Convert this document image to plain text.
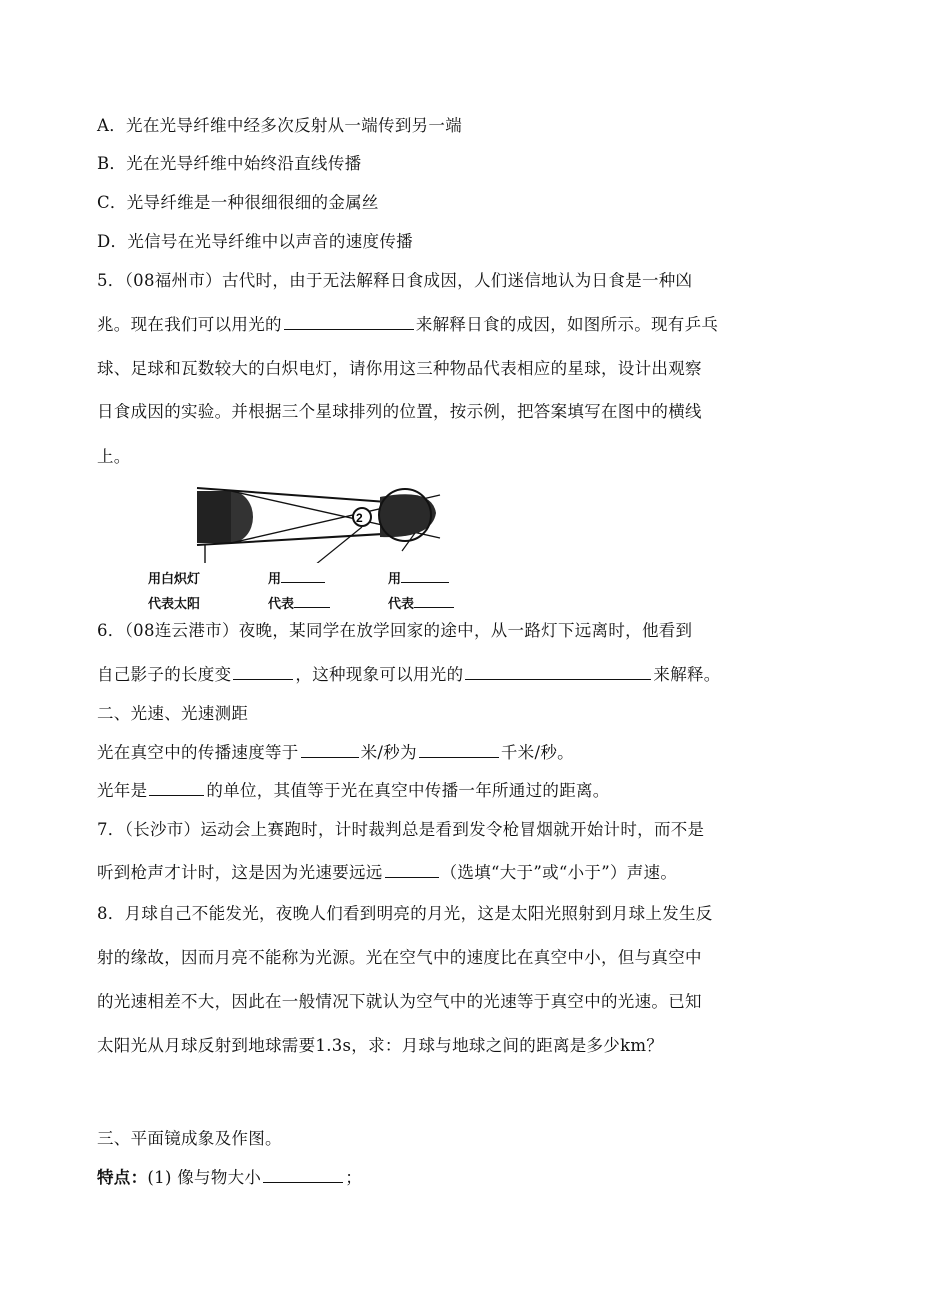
A．光在光导纤维中经多次反射从一端传到另一端
B．光在光导纤维中始终沿直线传播
C．光导纤维是一种很细很细的金属丝
D．光信号在光导纤维中以声音的速度传播
5．（08福州市）古代时，由于无法解释日食成因，人们迷信地认为日食是一种凶
兆。现在我们可以用光的	来解释日食的成因，如图所示。现有乒乓
球、足球和瓦数较大的白炽电灯，请你用这三种物品代表相应的星球，设计出观察
日食成因的实验。并根据三个星球排列的位置，按示例，把答案填写在图中的横线
上。
2
用白炽灯	用	用
代表太阳	代表	代表
6．（08连云港市）夜晚，某同学在放学回家的途中，从一路灯下远离时，他看到
自己影子的长度变	，这种现象可以用光的	来解释。
二、光速、光速测距
光在真空中的传播速度等于	米/秒为	千米/秒。
光年是	的单位，其值等于光在真空中传播一年所通过的距离。
7．（长沙市）运动会上赛跑时，计时裁判总是看到发令枪冒烟就开始计时，而不是
听到枪声才计时，这是因为光速要远远	（选填“大于”或“小于”）声速。
8．月球自己不能发光，夜晚人们看到明亮的月光，这是太阳光照射到月球上发生反
射的缘故，因而月亮不能称为光源。光在空气中的速度比在真空中小，但与真空中
的光速相差不大，因此在一般情况下就认为空气中的光速等于真空中的光速。已知
太阳光从月球反射到地球需要1.3s，求：月球与地球之间的距离是多少km？
三、平面镜成象及作图。
特点：(1) 像与物大小	；
